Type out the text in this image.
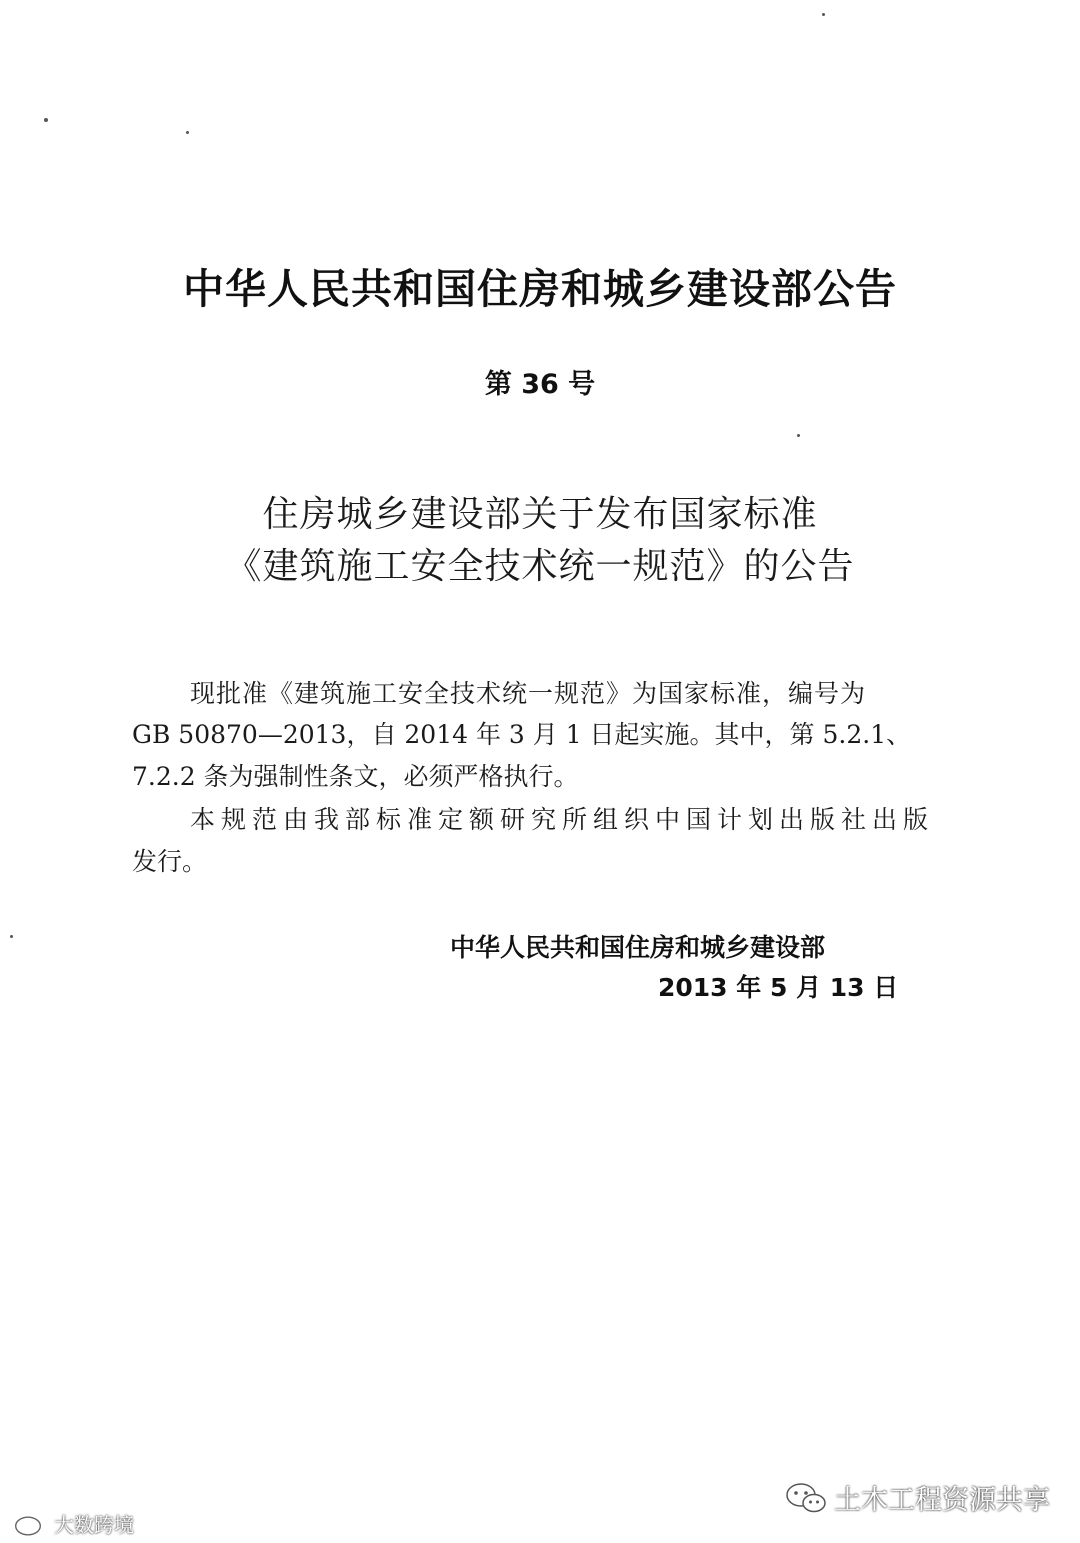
中华人民共和国住房和城乡建设部公告
第 36 号
住房城乡建设部关于发布国家标准
《建筑施工安全技术统一规范》的公告
现批准《建筑施工安全技术统一规范》为国家标准，编号为
GB 50870—2013，自 2014 年 3 月 1 日起实施。其中，第 5.2.1、
7.2.2 条为强制性条文，必须严格执行。
本规范由我部标准定额研究所组织中国计划出版社出版
发行。
中华人民共和国住房和城乡建设部
2013 年 5 月 13 日
大数跨境
土木工程资源共享
